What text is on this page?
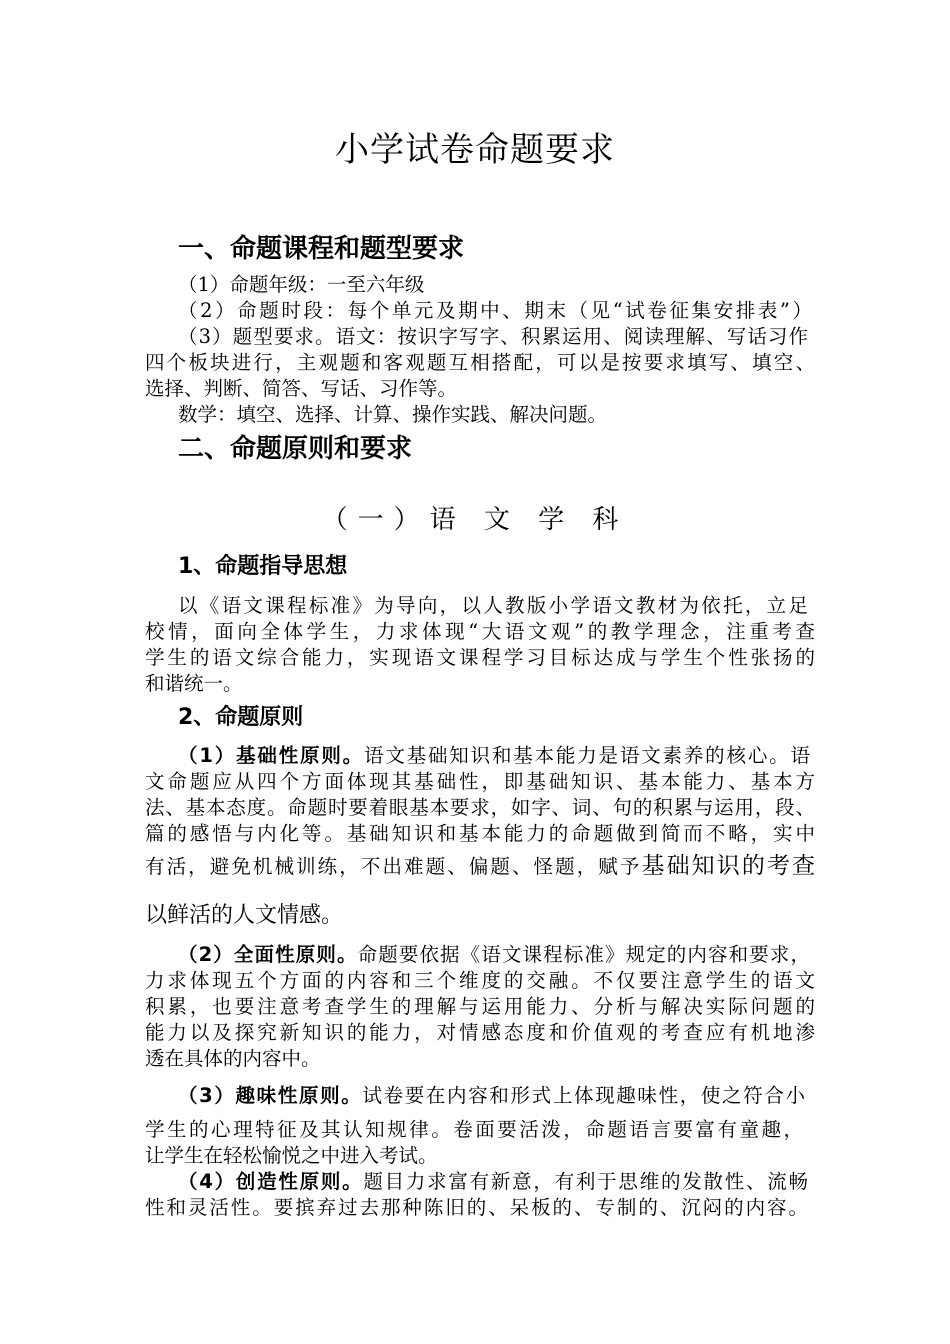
小学试卷命题要求
一、命题课程和题型要求
（1）命题年级：一至六年级
（2）命题时段：每个单元及期中、期末（见“试卷征集安排表”）
（3）题型要求。语文：按识字写字、积累运用、阅读理解、写话习作
四个板块进行，主观题和客观题互相搭配，可以是按要求填写、填空、
选择、判断、简答、写话、习作等。
数学：填空、选择、计算、操作实践、解决问题。
二、命题原则和要求
（一）语 文 学 科
1、命题指导思想
以《语文课程标准》为导向，以人教版小学语文教材为依托，立足
校情，面向全体学生，力求体现“大语文观”的教学理念，注重考查
学生的语文综合能力，实现语文课程学习目标达成与学生个性张扬的
和谐统一。
2、命题原则
（1）基础性原则。语文基础知识和基本能力是语文素养的核心。语
文命题应从四个方面体现其基础性，即基础知识、基本能力、基本方
法、基本态度。命题时要着眼基本要求，如字、词、句的积累与运用，段、
篇的感悟与内化等。基础知识和基本能力的命题做到简而不略，实中
有活，避免机械训练，不出难题、偏题、怪题，赋予基础知识的考查
以鲜活的人文情感。
（2）全面性原则。命题要依据《语文课程标准》规定的内容和要求，
力求体现五个方面的内容和三个维度的交融。不仅要注意学生的语文
积累，也要注意考查学生的理解与运用能力、分析与解决实际问题的
能力以及探究新知识的能力，对情感态度和价值观的考查应有机地渗
透在具体的内容中。
（3）趣味性原则。试卷要在内容和形式上体现趣味性，使之符合小
学生的心理特征及其认知规律。卷面要活泼，命题语言要富有童趣，
让学生在轻松愉悦之中进入考试。
（4）创造性原则。题目力求富有新意，有利于思维的发散性、流畅
性和灵活性。要摈弃过去那种陈旧的、呆板的、专制的、沉闷的内容。
